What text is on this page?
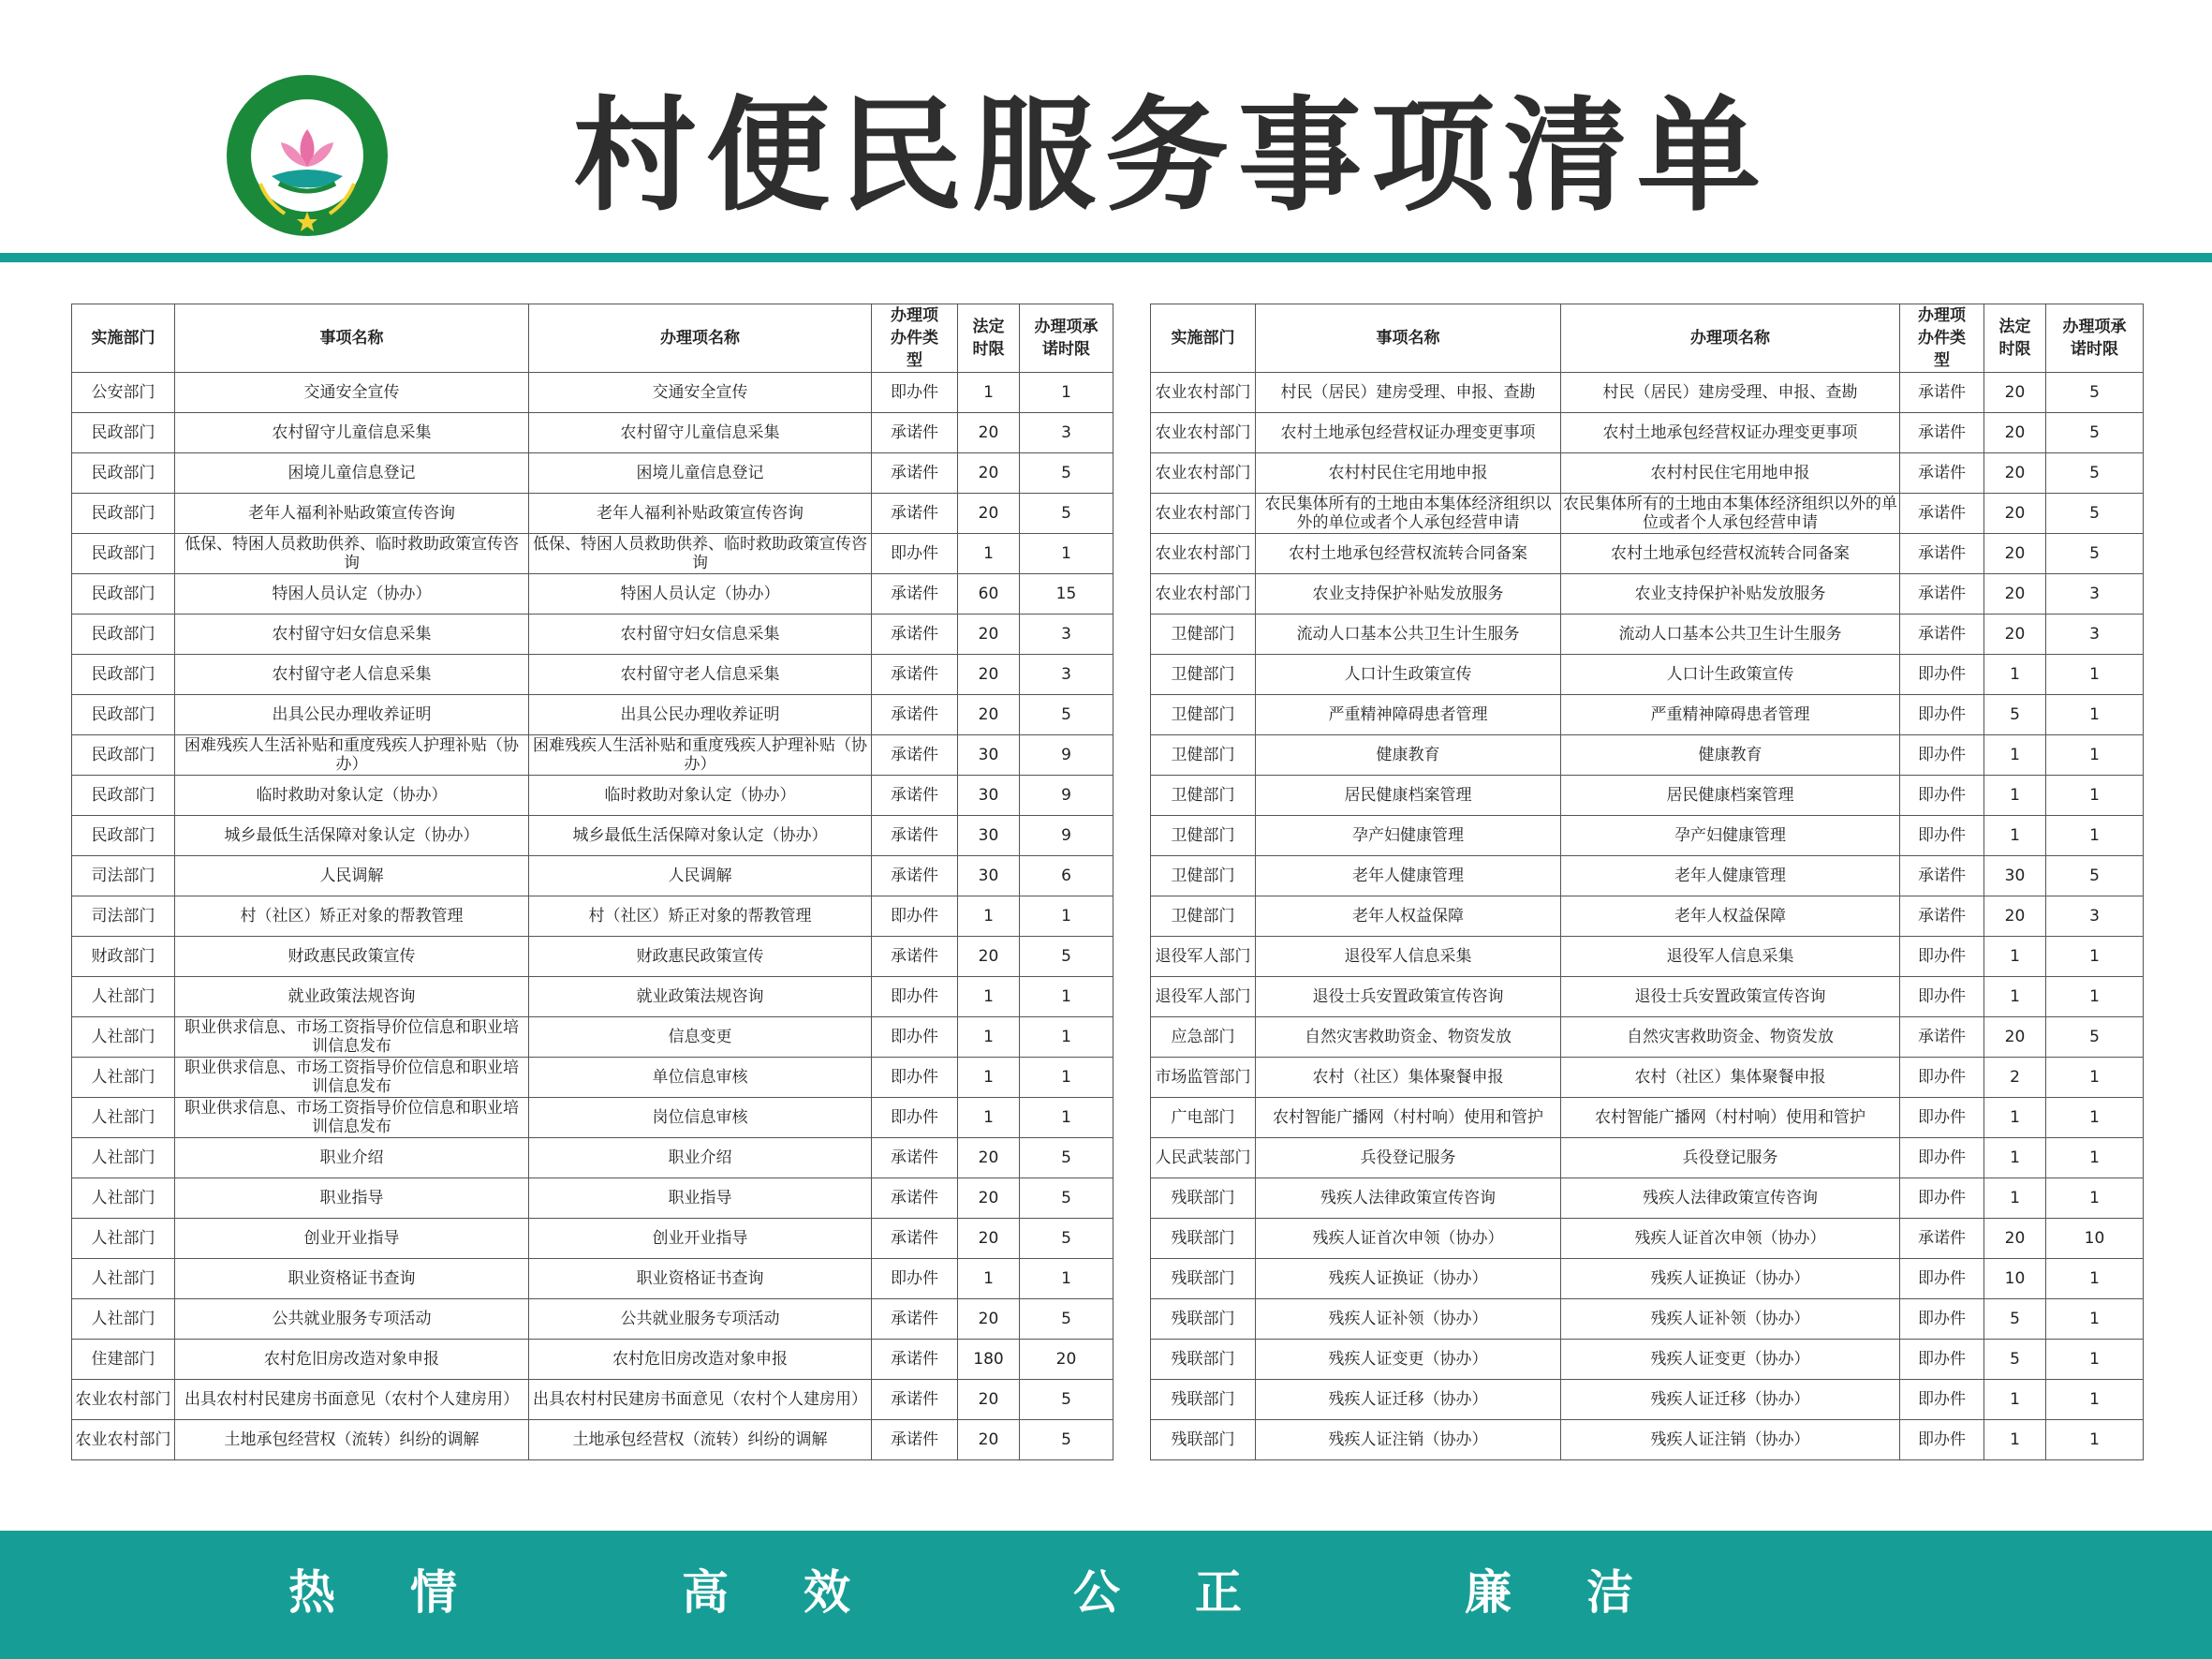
政务服务
村便民服务事项清单
实施部门	事项名称	办理项名称	办理项办件类型	法定时限	办理项承诺时限
公安部门	交通安全宣传	交通安全宣传	即办件	1	1
民政部门	农村留守儿童信息采集	农村留守儿童信息采集	承诺件	20	3
民政部门	困境儿童信息登记	困境儿童信息登记	承诺件	20	5
民政部门	老年人福利补贴政策宣传咨询	老年人福利补贴政策宣传咨询	承诺件	20	5
民政部门	低保、特困人员救助供养、临时救助政策宣传咨询	低保、特困人员救助供养、临时救助政策宣传咨询	即办件	1	1
民政部门	特困人员认定（协办）	特困人员认定（协办）	承诺件	60	15
民政部门	农村留守妇女信息采集	农村留守妇女信息采集	承诺件	20	3
民政部门	农村留守老人信息采集	农村留守老人信息采集	承诺件	20	3
民政部门	出具公民办理收养证明	出具公民办理收养证明	承诺件	20	5
民政部门	困难残疾人生活补贴和重度残疾人护理补贴（协办）	困难残疾人生活补贴和重度残疾人护理补贴（协办）	承诺件	30	9
民政部门	临时救助对象认定（协办）	临时救助对象认定（协办）	承诺件	30	9
民政部门	城乡最低生活保障对象认定（协办）	城乡最低生活保障对象认定（协办）	承诺件	30	9
司法部门	人民调解	人民调解	承诺件	30	6
司法部门	村（社区）矫正对象的帮教管理	村（社区）矫正对象的帮教管理	即办件	1	1
财政部门	财政惠民政策宣传	财政惠民政策宣传	承诺件	20	5
人社部门	就业政策法规咨询	就业政策法规咨询	即办件	1	1
人社部门	职业供求信息、市场工资指导价位信息和职业培训信息发布	信息变更	即办件	1	1
人社部门	职业供求信息、市场工资指导价位信息和职业培训信息发布	单位信息审核	即办件	1	1
人社部门	职业供求信息、市场工资指导价位信息和职业培训信息发布	岗位信息审核	即办件	1	1
人社部门	职业介绍	职业介绍	承诺件	20	5
人社部门	职业指导	职业指导	承诺件	20	5
人社部门	创业开业指导	创业开业指导	承诺件	20	5
人社部门	职业资格证书查询	职业资格证书查询	即办件	1	1
人社部门	公共就业服务专项活动	公共就业服务专项活动	承诺件	20	5
住建部门	农村危旧房改造对象申报	农村危旧房改造对象申报	承诺件	180	20
农业农村部门	出具农村村民建房书面意见（农村个人建房用）	出具农村村民建房书面意见（农村个人建房用）	承诺件	20	5
农业农村部门	土地承包经营权（流转）纠纷的调解	土地承包经营权（流转）纠纷的调解	承诺件	20	5
实施部门	事项名称	办理项名称	办理项办件类型	法定时限	办理项承诺时限
农业农村部门	村民（居民）建房受理、申报、查勘	村民（居民）建房受理、申报、查勘	承诺件	20	5
农业农村部门	农村土地承包经营权证办理变更事项	农村土地承包经营权证办理变更事项	承诺件	20	5
农业农村部门	农村村民住宅用地申报	农村村民住宅用地申报	承诺件	20	5
农业农村部门	农民集体所有的土地由本集体经济组织以外的单位或者个人承包经营申请	农民集体所有的土地由本集体经济组织以外的单位或者个人承包经营申请	承诺件	20	5
农业农村部门	农村土地承包经营权流转合同备案	农村土地承包经营权流转合同备案	承诺件	20	5
农业农村部门	农业支持保护补贴发放服务	农业支持保护补贴发放服务	承诺件	20	3
卫健部门	流动人口基本公共卫生计生服务	流动人口基本公共卫生计生服务	承诺件	20	3
卫健部门	人口计生政策宣传	人口计生政策宣传	即办件	1	1
卫健部门	严重精神障碍患者管理	严重精神障碍患者管理	即办件	5	1
卫健部门	健康教育	健康教育	即办件	1	1
卫健部门	居民健康档案管理	居民健康档案管理	即办件	1	1
卫健部门	孕产妇健康管理	孕产妇健康管理	即办件	1	1
卫健部门	老年人健康管理	老年人健康管理	承诺件	30	5
卫健部门	老年人权益保障	老年人权益保障	承诺件	20	3
退役军人部门	退役军人信息采集	退役军人信息采集	即办件	1	1
退役军人部门	退役士兵安置政策宣传咨询	退役士兵安置政策宣传咨询	即办件	1	1
应急部门	自然灾害救助资金、物资发放	自然灾害救助资金、物资发放	承诺件	20	5
市场监管部门	农村（社区）集体聚餐申报	农村（社区）集体聚餐申报	即办件	2	1
广电部门	农村智能广播网（村村响）使用和管护	农村智能广播网（村村响）使用和管护	即办件	1	1
人民武装部门	兵役登记服务	兵役登记服务	即办件	1	1
残联部门	残疾人法律政策宣传咨询	残疾人法律政策宣传咨询	即办件	1	1
残联部门	残疾人证首次申领（协办）	残疾人证首次申领（协办）	承诺件	20	10
残联部门	残疾人证换证（协办）	残疾人证换证（协办）	即办件	10	1
残联部门	残疾人证补领（协办）	残疾人证补领（协办）	即办件	5	1
残联部门	残疾人证变更（协办）	残疾人证变更（协办）	即办件	5	1
残联部门	残疾人证迁移（协办）	残疾人证迁移（协办）	即办件	1	1
残联部门	残疾人证注销（协办）	残疾人证注销（协办）	即办件	1	1
热情	高效	公正	廉洁
